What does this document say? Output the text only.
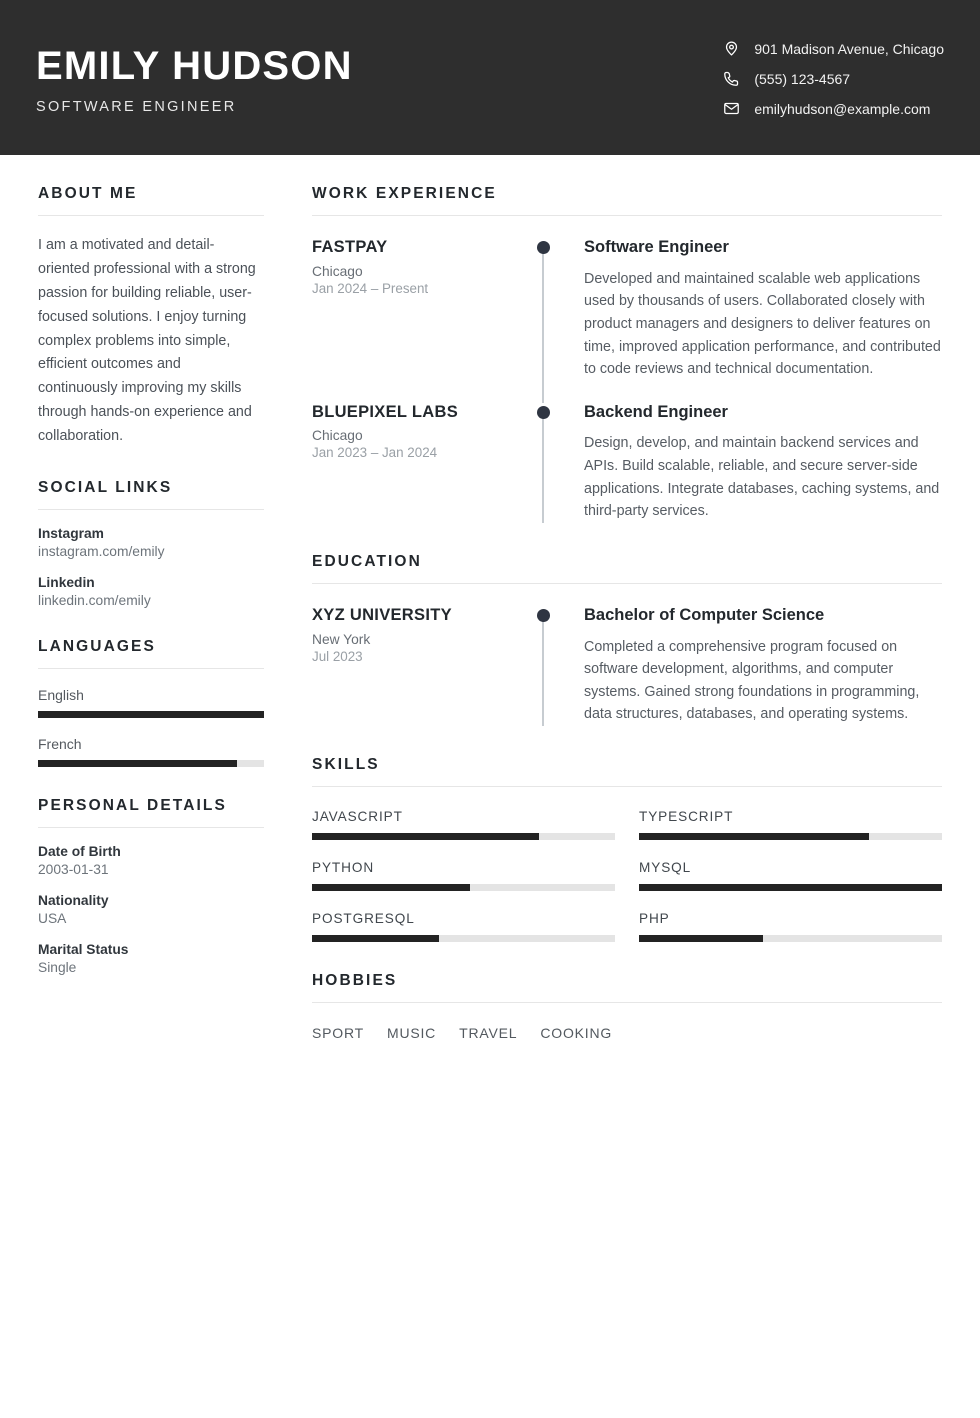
EMILY HUDSON
SOFTWARE ENGINEER
901 Madison Avenue, Chicago
(555) 123-4567
emilyhudson@example.com
ABOUT ME
I am a motivated and detail-oriented professional with a strong passion for building reliable, user-focused solutions. I enjoy turning complex problems into simple, efficient outcomes and continuously improving my skills through hands-on experience and collaboration.
SOCIAL LINKS
Instagram
instagram.com/emily
Linkedin
linkedin.com/emily
LANGUAGES
English
French
PERSONAL DETAILS
Date of Birth
2003-01-31
Nationality
USA
Marital Status
Single
WORK EXPERIENCE
FASTPAY
Chicago
Jan 2024 – Present
Software Engineer
Developed and maintained scalable web applications used by thousands of users. Collaborated closely with product managers and designers to deliver features on time, improved application performance, and contributed to code reviews and technical documentation.
BLUEPIXEL LABS
Chicago
Jan 2023 – Jan 2024
Backend Engineer
Design, develop, and maintain backend services and APIs. Build scalable, reliable, and secure server-side applications. Integrate databases, caching systems, and third-party services.
EDUCATION
XYZ UNIVERSITY
New York
Jul 2023
Bachelor of Computer Science
Completed a comprehensive program focused on software development, algorithms, and computer systems. Gained strong foundations in programming, data structures, databases, and operating systems.
SKILLS
JAVASCRIPT	TYPESCRIPT
PYTHON	MYSQL
POSTGRESQL	PHP
HOBBIES
SPORT MUSIC TRAVEL COOKING
